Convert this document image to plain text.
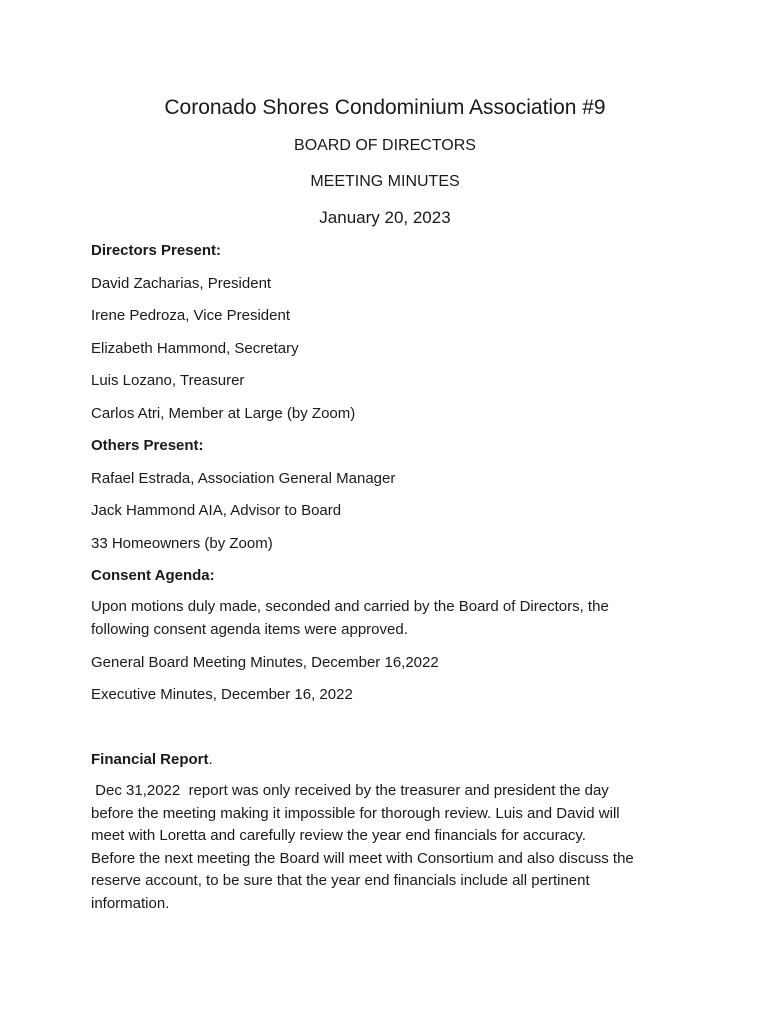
Coronado Shores Condominium Association #9
BOARD OF DIRECTORS
MEETING MINUTES
January 20, 2023
Directors Present:
David Zacharias, President
Irene Pedroza, Vice President
Elizabeth Hammond, Secretary
Luis Lozano, Treasurer
Carlos Atri, Member at Large (by Zoom)
Others Present:
Rafael Estrada, Association General Manager
Jack Hammond AIA, Advisor to Board
33 Homeowners (by Zoom)
Consent Agenda:
Upon motions duly made, seconded and carried by the Board of Directors, the
following consent agenda items were approved.
General Board Meeting Minutes, December 16,2022
Executive Minutes, December 16, 2022
Financial Report.
Dec 31,2022  report was only received by the treasurer and president the day
before the meeting making it impossible for thorough review. Luis and David will
meet with Loretta and carefully review the year end financials for accuracy.
Before the next meeting the Board will meet with Consortium and also discuss the
reserve account, to be sure that the year end financials include all pertinent
information.
